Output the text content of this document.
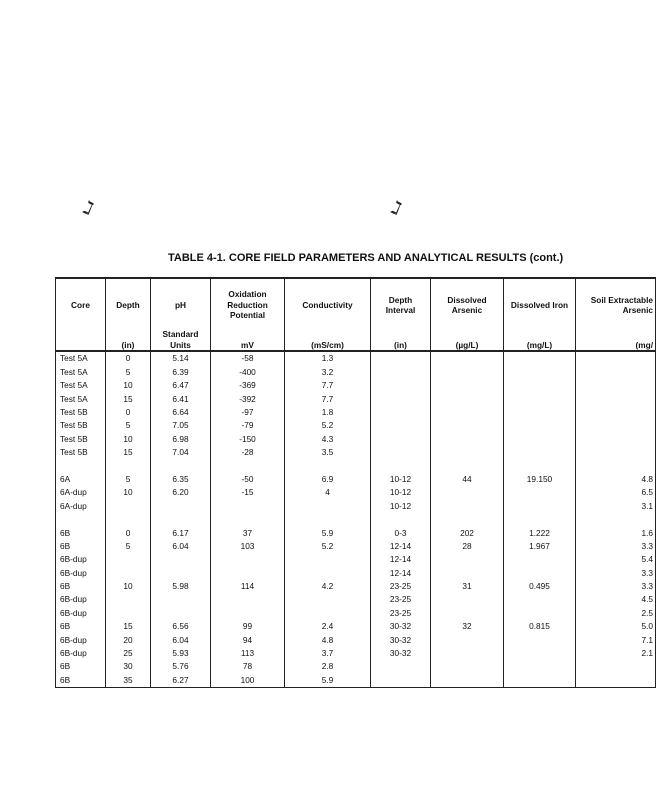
ℷ	ℷ
TABLE 4-1. CORE FIELD PARAMETERS AND ANALYTICAL RESULTS (cont.)
Core	Depth	pH	Oxidation Reduction Potential	Conductivity	Depth Interval	Dissolved Arsenic	Dissolved Iron	Soil Extractable Arsenic
	(in)	Standard Units	mV	(mS/cm)	(in)	(µg/L)	(mg/L)	(mg/
Test 5A	0	5.14	-58	1.3				
Test 5A	5	6.39	-400	3.2				
Test 5A	10	6.47	-369	7.7				
Test 5A	15	6.41	-392	7.7				
Test 5B	0	6.64	-97	1.8				
Test 5B	5	7.05	-79	5.2				
Test 5B	10	6.98	-150	4.3				
Test 5B	15	7.04	-28	3.5				

6A	5	6.35	-50	6.9	10-12	44	19.150	4.8
6A-dup	10	6.20	-15	4	10-12			6.5
6A-dup					10-12			3.1

6B	0	6.17	37	5.9	0-3	202	1.222	1.6
6B	5	6.04	103	5.2	12-14	28	1.967	3.3
6B-dup					12-14			5.4
6B-dup					12-14			3.3
6B	10	5.98	114	4.2	23-25	31	0.495	3.3
6B-dup					23-25			4.5
6B-dup					23-25			2.5
6B	15	6.56	99	2.4	30-32	32	0.815	5.0
6B-dup	20	6.04	94	4.8	30-32			7.1
6B-dup	25	5.93	113	3.7	30-32			2.1
6B	30	5.76	78	2.8				
6B	35	6.27	100	5.9				
